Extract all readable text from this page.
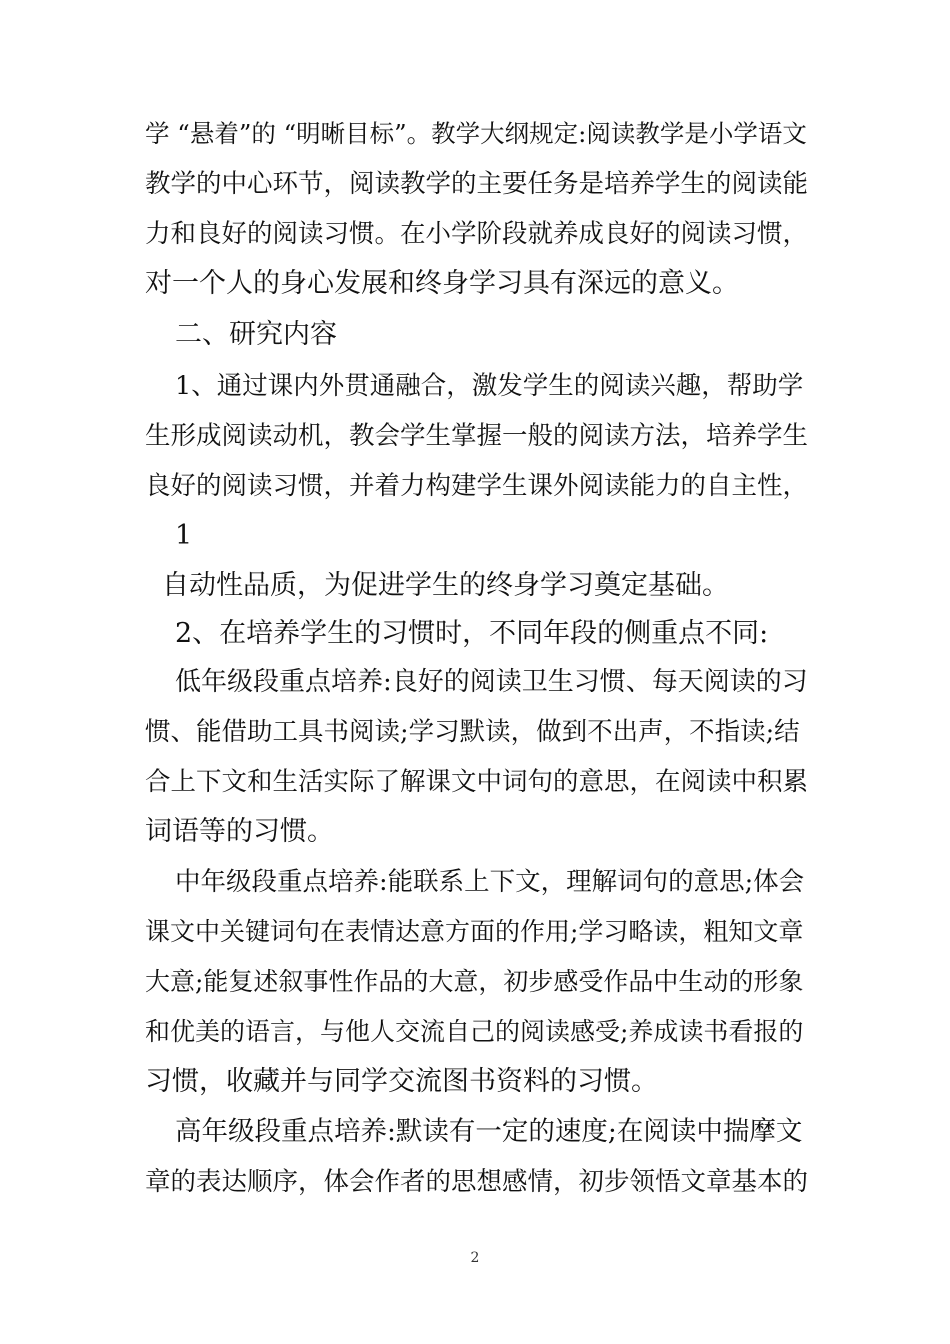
学 “悬着”的 “明晰目标”。教学大纲规定:阅读教学是小学语文

教学的中心环节，阅读教学的主要任务是培养学生的阅读能

力和良好的阅读习惯。在小学阶段就养成良好的阅读习惯，

对一个人的身心发展和终身学习具有深远的意义。

二、研究内容

1、通过课内外贯通融合，激发学生的阅读兴趣，帮助学

生形成阅读动机，教会学生掌握一般的阅读方法，培养学生

良好的阅读习惯，并着力构建学生课外阅读能力的自主性，

1

自动性品质，为促进学生的终身学习奠定基础。

2、在培养学生的习惯时，不同年段的侧重点不同:

低年级段重点培养:良好的阅读卫生习惯、每天阅读的习

惯、能借助工具书阅读;学习默读，做到不出声，不指读;结

合上下文和生活实际了解课文中词句的意思，在阅读中积累

词语等的习惯。

中年级段重点培养:能联系上下文，理解词句的意思;体会

课文中关键词句在表情达意方面的作用;学习略读，粗知文章

大意;能复述叙事性作品的大意，初步感受作品中生动的形象

和优美的语言，与他人交流自己的阅读感受;养成读书看报的

习惯，收藏并与同学交流图书资料的习惯。

高年级段重点培养:默读有一定的速度;在阅读中揣摩文

章的表达顺序，体会作者的思想感情，初步领悟文章基本的

2
